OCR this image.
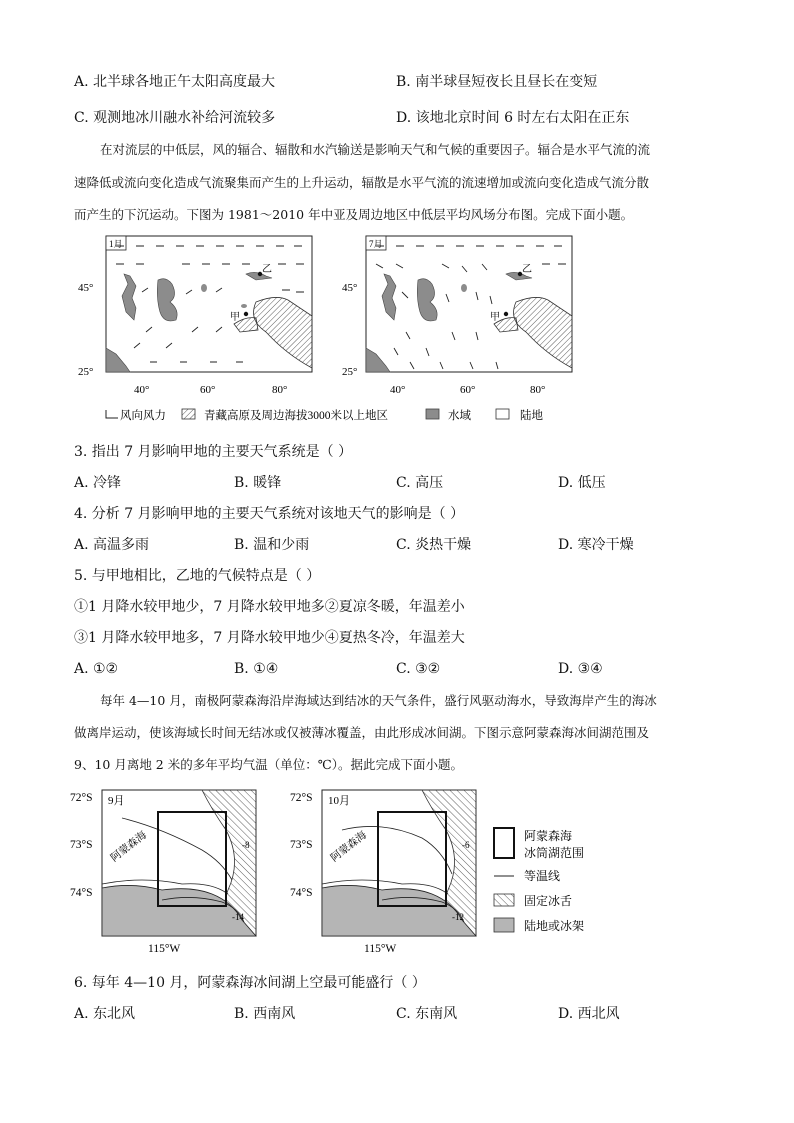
A. 北半球各地正午太阳高度最大	B. 南半球昼短夜长且昼长在变短
C. 观测地冰川融水补给河流较多	D. 该地北京时间 6 时左右太阳在正东
在对流层的中低层，风的辐合、辐散和水汽输送是影响天气和气候的重要因子。辐合是水平气流的流
速降低或流向变化造成气流聚集而产生的上升运动，辐散是水平气流的流速增加或流向变化造成气流分散
而产生的下沉运动。下图为 1981～2010 年中亚及周边地区中低层平均风场分布图。完成下面小题。
乙
甲
1月
45°
25°
40°	60°	80°
乙
甲
7月
45°
25°
40°	60°	80°
风向风力	青藏高原及周边海拔3000米以上地区	水域	陆地
3. 指出 7 月影响甲地的主要天气系统是（ ）
A. 冷锋	B. 暖锋	C. 高压	D. 低压
4. 分析 7 月影响甲地的主要天气系统对该地天气的影响是（ ）
A. 高温多雨	B. 温和少雨	C. 炎热干燥	D. 寒冷干燥
5. 与甲地相比，乙地的气候特点是（ ）
①1 月降水较甲地少，7 月降水较甲地多②夏凉冬暖，年温差小
③1 月降水较甲地多，7 月降水较甲地少④夏热冬冷，年温差大
A. ①②	B. ①④	C. ③②	D. ③④
每年 4—10 月，南极阿蒙森海沿岸海域达到结冰的天气条件，盛行风驱动海水，导致海岸产生的海冰
做离岸运动，使该海域长时间无结冰或仅被薄冰覆盖，由此形成冰间湖。下图示意阿蒙森海冰间湖范围及
9、10 月离地 2 米的多年平均气温（单位：℃）。据此完成下面小题。
9月
阿蒙森海	-8
-14
72°S
73°S
74°S
115°W
10月
阿蒙森海	-6
-12
72°S
73°S
74°S
115°W
阿蒙森海
冰筒湖范围
等温线
固定冰舌
陆地或冰架
6. 每年 4—10 月，阿蒙森海冰间湖上空最可能盛行（ ）
A. 东北风	B. 西南风	C. 东南风	D. 西北风
